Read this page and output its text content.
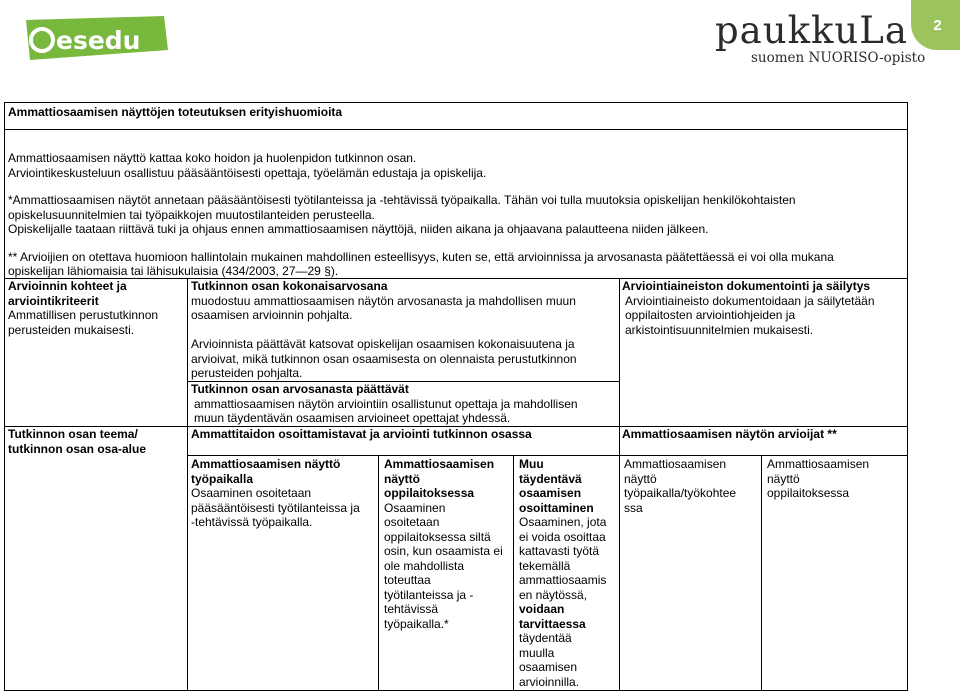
esedu	paukkuLa
suomen NUORISO-opisto
2
Ammattiosaamisen näyttöjen toteutuksen erityishuomioita
Ammattiosaamisen näyttö kattaa koko hoidon ja huolenpidon tutkinnon osan.
Arviointikeskusteluun osallistuu pääsääntöisesti opettaja, työelämän edustaja ja opiskelija.
*Ammattiosaamisen näytöt annetaan pääsääntöisesti työtilanteissa ja -tehtävissä työpaikalla. Tähän voi tulla muutoksia opiskelijan henkilökohtaisten
opiskelusuunnitelmien tai työpaikkojen muutostilanteiden perusteella.
Opiskelijalle taataan riittävä tuki ja ohjaus ennen ammattiosaamisen näyttöjä, niiden aikana ja ohjaavana palautteena niiden jälkeen.
** Arvioijien on otettava huomioon hallintolain mukainen mahdollinen esteellisyys, kuten se, että arvioinnissa ja arvosanasta päätettäessä ei voi olla mukana
opiskelijan lähiomaisia tai lähisukulaisia (434/2003, 27—29 §).
Arvioinnin kohteet ja
arviointikriteerit
Ammatillisen perustutkinnon
perusteiden mukaisesti.
Tutkinnon osan teema/
tutkinnon osan osa-alue
Tutkinnon osan kokonaisarvosana
muodostuu ammattiosaamisen näytön arvosanasta ja mahdollisen muun
osaamisen arvioinnin pohjalta.
Arvioinnista päättävät katsovat opiskelijan osaamisen kokonaisuutena ja
arvioivat, mikä tutkinnon osan osaamisesta on olennaista perustutkinnon
perusteiden pohjalta.
Tutkinnon osan arvosanasta päättävät
ammattiosaamisen näytön arviointiin osallistunut opettaja ja mahdollisen
muun täydentävän osaamisen arvioineet opettajat yhdessä.
Ammattitaidon osoittamistavat ja arviointi tutkinnon osassa
Arviointiaineiston dokumentointi ja säilytys
Arviointiaineisto dokumentoidaan ja säilytetään
oppilaitosten arviointiohjeiden ja
arkistointisuunnitelmien mukaisesti.
Ammattiosaamisen näytön arvioijat **
Ammattiosaamisen näyttö
työpaikalla
Osaaminen osoitetaan
pääsääntöisesti työtilanteissa ja
-tehtävissä työpaikalla.
Ammattiosaamisen
näyttö
oppilaitoksessa
Osaaminen
osoitetaan
oppilaitoksessa siltä
osin, kun osaamista ei
ole mahdollista
toteuttaa
työtilanteissa ja -
tehtävissä
työpaikalla.*
Muu
täydentävä
osaamisen
osoittaminen
Osaaminen, jota
ei voida osoittaa
kattavasti työtä
tekemällä
ammattiosaamis
en näytössä,
voidaan
tarvittaessa
täydentää
muulla
osaamisen
arvioinnilla.
Ammattiosaamisen
näyttö
työpaikalla/työkohtee
ssa
Ammattiosaamisen
näyttö
oppilaitoksessa
